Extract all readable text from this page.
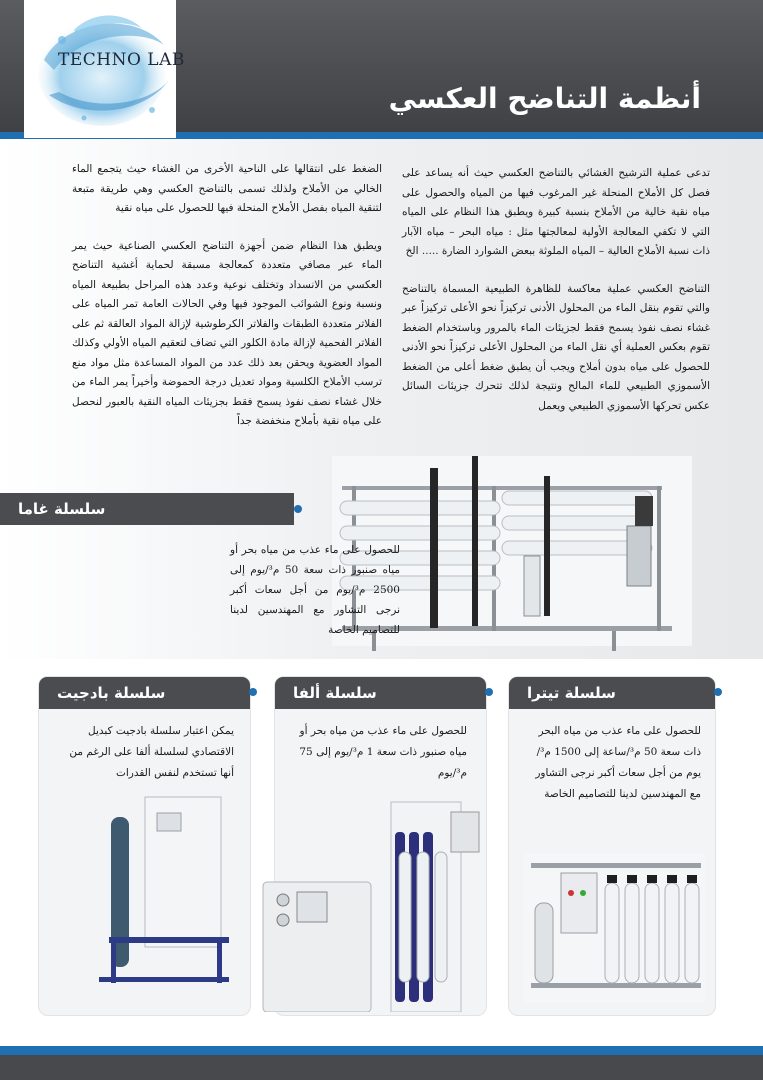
TECHNO LAB
أنظمة التناضح العكسي

تدعى عملية الترشيح الغشائي بالتناضح العكسي حيث أنه يساعد على فصل كل الأملاح المنحلة غير المرغوب فيها من المياه والحصول على مياه نقية خالية من الأملاح بنسبة كبيرة ويطبق هذا النظام على المياه التي لا تكفي المعالجة الأولية لمعالجتها مثل : مياه البحر – مياه الآبار ذات نسبة الأملاح العالية – المياه الملوثة ببعض الشوارد الضارة ..... الخ

التناضح العكسي عملية معاكسة للظاهرة الطبيعية المسماة بالتناضح والتي تقوم بنقل الماء من المحلول الأدنى تركيزاً نحو الأعلى تركيزاً عبر غشاء نصف نفوذ يسمح فقط لجزيئات الماء بالمرور وباستخدام الضغط تقوم بعكس العملية أي نقل الماء من المحلول الأعلى تركيزاً نحو الأدنى للحصول على مياه بدون أملاح ويجب أن يطبق ضغط أعلى من الضغط الأسموزي الطبيعي للماء المالح ونتيجة لذلك تتحرك جزيئات السائل عكس تحركها الأسموزي الطبيعي ويعمل

الضغط على انتقالها على الناحية الأخرى من الغشاء حيث يتجمع الماء الخالي من الأملاح ولذلك تسمى بالتناضح العكسي وهي طريقة متبعة لتنقية المياه بفصل الأملاح المنحلة فيها للحصول على مياه نقية

ويطبق هذا النظام ضمن أجهزة التناضح العكسي الصناعية حيث يمر الماء عبر مصافي متعددة كمعالجة مسبقة لحماية أغشية التناضح العكسي من الانسداد وتختلف نوعية وعدد هذه المراحل بطبيعة المياه ونسبة ونوع الشوائب الموجود فيها وفي الحالات العامة تمر المياه على الفلاتر متعددة الطبقات والفلاتر الكرطوشية لإزالة المواد العالقة ثم على الفلاتر الفحمية لإزالة مادة الكلور التي تضاف لتعقيم المياه الأولي وكذلك المواد العضوية ويحقن بعد ذلك عدد من المواد المساعدة مثل مواد منع ترسب الأملاح الكلسية ومواد تعديل درجة الحموضة وأخيراً يمر الماء من خلال غشاء نصف نفوذ يسمح فقط بجزيئات المياه النقية بالعبور لنحصل على مياه نقية بأملاح منخفضة جداً

سلسلة غاما
للحصول على ماء عذب من مياه بحر أو مياه صنبور ذات سعة 50 م³/يوم إلى 2500 م³/يوم من أجل سعات أكبر نرجى التشاور مع المهندسين لدينا للتصاميم الخاصة
سلسلة بادجيت
يمكن اعتبار سلسلة بادجيت كبديل الاقتصادي لسلسلة ألفا على الرغم من أنها تستخدم لنفس القدرات
سلسلة ألفا
للحصول على ماء عذب من مياه بحر أو مياه صنبور ذات سعة 1 م³/يوم إلى 75 م³/يوم
سلسلة تيترا
للحصول على ماء عذب من مياه البحر ذات سعة 50 م³/ساعة إلى 1500 م³/يوم من أجل سعات أكبر نرجى التشاور مع المهندسين لدينا للتصاميم الخاصة
